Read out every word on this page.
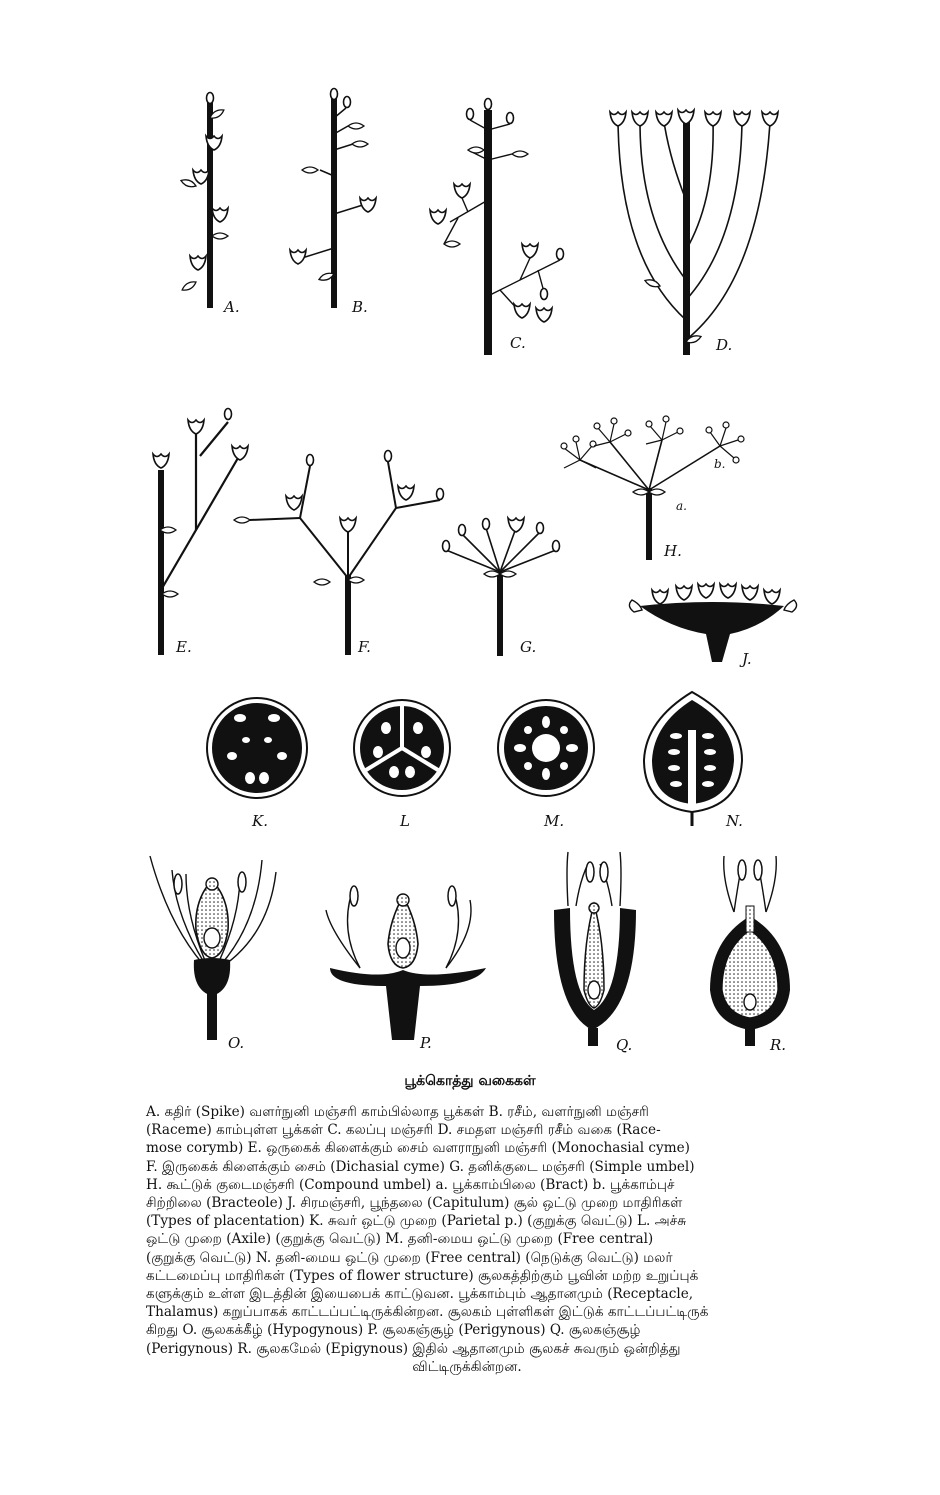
A.	B.
C.	D.
E.	F.	G.
a.
b.
H.
J.
K.	L	M.	N.
O.	P.	Q.	R.
பூக்கொத்து வகைகள்
A. கதிர் (Spike) வளர்நுனி மஞ்சரி காம்பில்லாத பூக்கள் B. ரசீம், வளர்நுனி மஞ்சரி
(Raceme) காம்புள்ள பூக்கள் C. கலப்பு மஞ்சரி D. சமதள மஞ்சரி ரசீம் வகை (Race-
mose corymb) E. ஒருகைக் கிளைக்கும் சைம் வளராநுனி மஞ்சரி (Monochasial cyme)
F. இருகைக் கிளைக்கும் சைம் (Dichasial cyme) G. தனிக்குடை மஞ்சரி (Simple umbel)
H. கூட்டுக் குடைமஞ்சரி (Compound umbel) a. பூக்காம்பிலை (Bract) b. பூக்காம்புச்
சிற்றிலை (Bracteole) J. சிரமஞ்சரி, பூந்தலை (Capitulum) சூல் ஒட்டு முறை மாதிரிகள்
(Types of placentation) K. சுவர் ஒட்டு முறை (Parietal p.) (குறுக்கு வெட்டு) L. அச்சு
ஒட்டு முறை (Axile) (குறுக்கு வெட்டு) M. தனி-மைய ஒட்டு முறை (Free central)
(குறுக்கு வெட்டு) N. தனி-மைய ஒட்டு முறை (Free central) (நெடுக்கு வெட்டு) மலர்
கட்டமைப்பு மாதிரிகள் (Types of flower structure) சூலகத்திற்கும் பூவின் மற்ற உறுப்புக்
களுக்கும் உள்ள இடத்தின் இயைபைக் காட்டுவன. பூக்காம்பும் ஆதானமும் (Receptacle,
Thalamus) கறுப்பாகக் காட்டப்பட்டிருக்கின்றன. சூலகம் புள்ளிகள் இட்டுக் காட்டப்பட்டிருக்
கிறது O. சூலகக்கீழ் (Hypogynous) P. சூலகஞ்சூழ் (Perigynous) Q. சூலகஞ்சூழ்
(Perigynous) R. சூலகமேல் (Epigynous) இதில் ஆதானமும் சூலகச் சுவரும் ஒன்றித்து
விட்டிருக்கின்றன.
